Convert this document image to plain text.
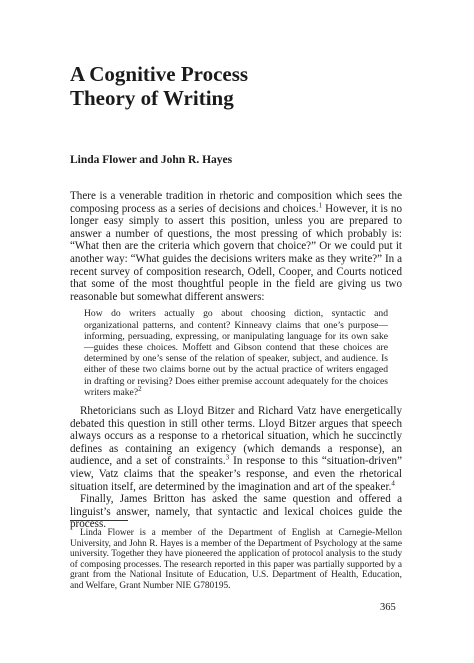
A Cognitive Process
Theory of Writing
Linda Flower and John R. Hayes

There is a venerable tradition in rhetoric and composition which sees the composing process as a series of decisions and choices.$^1$ However, it is no longer easy simply to assert this position, unless you are prepared to answer a number of questions, the most pressing of which probably is: “What then are the criteria which govern that choice?” Or we could put it another way: “What guides the decisions writers make as they write?” In a recent survey of composition research, Odell, Cooper, and Courts noticed that some of the most thoughtful people in the field are giving us two reasonable but somewhat different answers:

How do writers actually go about choosing diction, syntactic and organizational patterns, and content? Kinneavy claims that one’s purpose—informing, persuading, expressing, or manipulating language for its own sake—guides these choices. Moffett and Gibson contend that these choices are determined by one’s sense of the relation of speaker, subject, and audience. Is either of these two claims borne out by the actual practice of writers engaged in drafting or revising? Does either premise account adequately for the choices writers make?$^2$

Rhetoricians such as Lloyd Bitzer and Richard Vatz have energetically debated this question in still other terms. Lloyd Bitzer argues that speech always occurs as a response to a rhetorical situation, which he succinctly defines as containing an exigency (which demands a response), an audience, and a set of constraints.$^3$ In response to this “situation-driven” view, Vatz claims that the speaker’s response, and even the rhetorical situation itself, are determined by the imagination and art of the speaker.$^4$

Finally, James Britton has asked the same question and offered a linguist’s answer, namely, that syntactic and lexical choices guide the process.

Linda Flower is a member of the Department of English at Carnegie-Mellon University, and John R. Hayes is a member of the Department of Psychology at the same university. Together they have pioneered the application of protocol analysis to the study of composing processes. The research reported in this paper was partially supported by a grant from the National Insitute of Education, U.S. Department of Health, Education, and Welfare, Grant Number NIE G780195.

365
